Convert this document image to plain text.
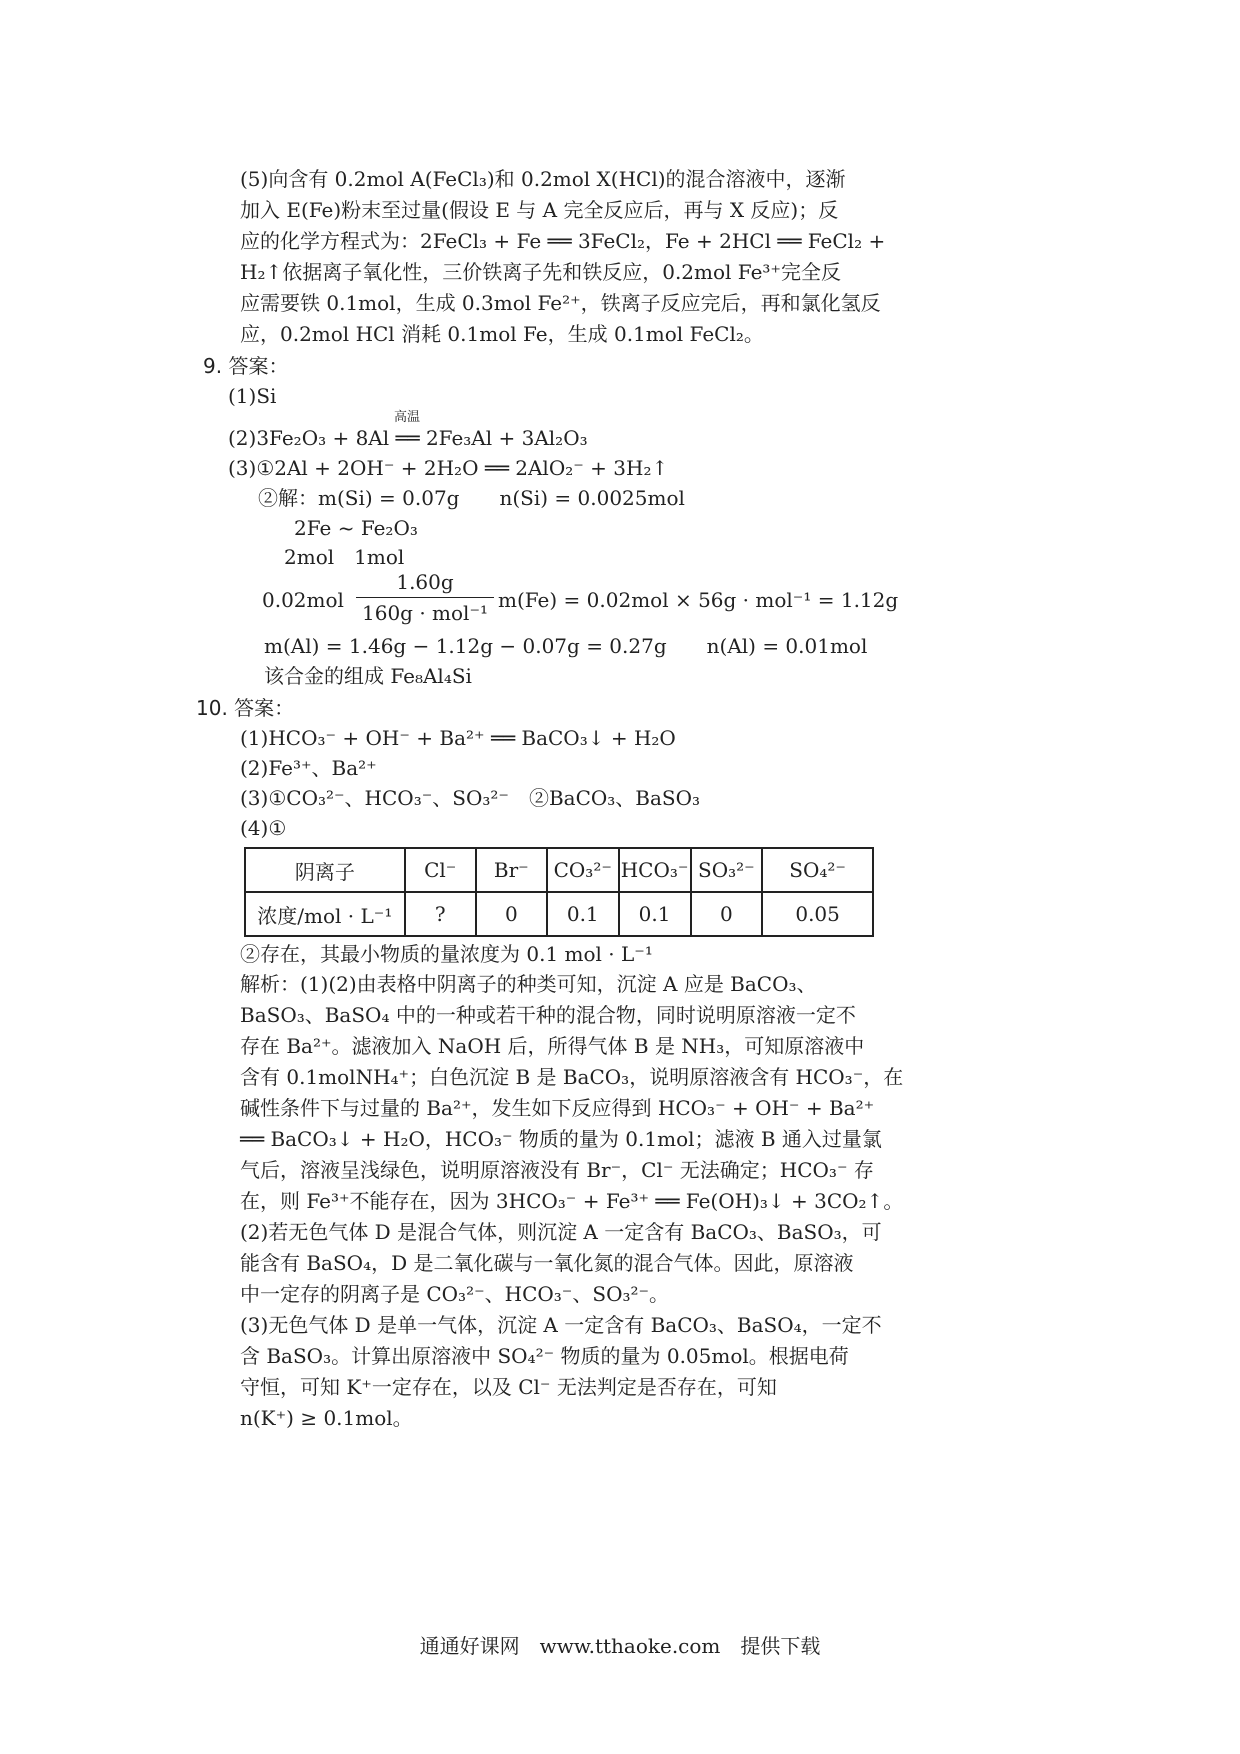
(5)向含有 0.2mol A(FeCl₃)和 0.2mol X(HCl)的混合溶液中，逐渐
加入 E(Fe)粉末至过量(假设 E 与 A 完全反应后，再与 X 反应)；反
应的化学方程式为：2FeCl₃ + Fe ══ 3FeCl₂，Fe + 2HCl ══ FeCl₂ +
H₂↑依据离子氧化性，三价铁离子先和铁反应，0.2mol Fe³⁺完全反
应需要铁 0.1mol，生成 0.3mol Fe²⁺，铁离子反应完后，再和氯化氢反
应，0.2mol HCl 消耗 0.1mol Fe，生成 0.1mol FeCl₂。
9. 答案：
(1)Si
高温
(2)3Fe₂O₃ + 8Al ══ 2Fe₃Al + 3Al₂O₃
(3)①2Al + 2OH⁻ + 2H₂O ══ 2AlO₂⁻ + 3H₂↑
②解：m(Si) = 0.07g　　n(Si) = 0.0025mol
2Fe ~ Fe₂O₃
2mol　1mol
0.02mol
1.60g
160g · mol⁻¹
m(Fe) = 0.02mol × 56g · mol⁻¹ = 1.12g
m(Al) = 1.46g − 1.12g − 0.07g = 0.27g　　n(Al) = 0.01mol
该合金的组成 Fe₈Al₄Si
10. 答案：
(1)HCO₃⁻ + OH⁻ + Ba²⁺ ══ BaCO₃↓ + H₂O
(2)Fe³⁺、Ba²⁺
(3)①CO₃²⁻、HCO₃⁻、SO₃²⁻　②BaCO₃、BaSO₃
(4)①
阴离子	Cl⁻	Br⁻	CO₃²⁻	HCO₃⁻	SO₃²⁻	SO₄²⁻
浓度/mol · L⁻¹	?	0	0.1	0.1	0	0.05
②存在，其最小物质的量浓度为 0.1 mol · L⁻¹
解析：(1)(2)由表格中阴离子的种类可知，沉淀 A 应是 BaCO₃、
BaSO₃、BaSO₄ 中的一种或若干种的混合物，同时说明原溶液一定不
存在 Ba²⁺。滤液加入 NaOH 后，所得气体 B 是 NH₃，可知原溶液中
含有 0.1molNH₄⁺；白色沉淀 B 是 BaCO₃，说明原溶液含有 HCO₃⁻，在
碱性条件下与过量的 Ba²⁺，发生如下反应得到 HCO₃⁻ + OH⁻ + Ba²⁺
══ BaCO₃↓ + H₂O，HCO₃⁻ 物质的量为 0.1mol；滤液 B 通入过量氯
气后，溶液呈浅绿色，说明原溶液没有 Br⁻，Cl⁻ 无法确定；HCO₃⁻ 存
在，则 Fe³⁺不能存在，因为 3HCO₃⁻ + Fe³⁺ ══ Fe(OH)₃↓ + 3CO₂↑。
(2)若无色气体 D 是混合气体，则沉淀 A 一定含有 BaCO₃、BaSO₃，可
能含有 BaSO₄，D 是二氧化碳与一氧化氮的混合气体。因此，原溶液
中一定存的阴离子是 CO₃²⁻、HCO₃⁻、SO₃²⁻。
(3)无色气体 D 是单一气体，沉淀 A 一定含有 BaCO₃、BaSO₄，一定不
含 BaSO₃。计算出原溶液中 SO₄²⁻ 物质的量为 0.05mol。根据电荷
守恒，可知 K⁺一定存在，以及 Cl⁻ 无法判定是否存在，可知
n(K⁺) ≥ 0.1mol。
通通好课网　www.tthaoke.com　提供下载
